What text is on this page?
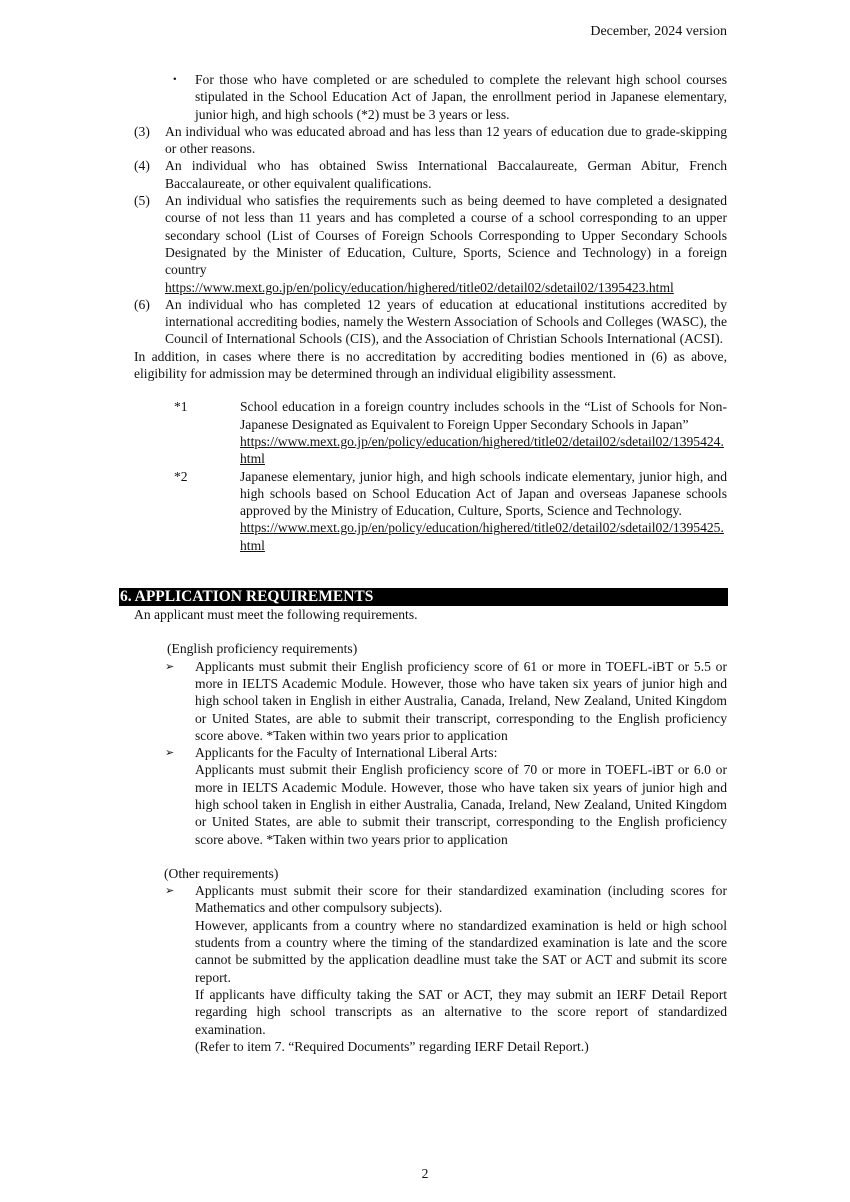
December, 2024 version
・ For those who have completed or are scheduled to complete the relevant high school courses stipulated in the School Education Act of Japan, the enrollment period in Japanese elementary, junior high, and high schools (*2) must be 3 years or less.
(3) An individual who was educated abroad and has less than 12 years of education due to grade-skipping or other reasons.
(4) An individual who has obtained Swiss International Baccalaureate, German Abitur, French Baccalaureate, or other equivalent qualifications.
(5) An individual who satisfies the requirements such as being deemed to have completed a designated course of not less than 11 years and has completed a course of a school corresponding to an upper secondary school (List of Courses of Foreign Schools Corresponding to Upper Secondary Schools Designated by the Minister of Education, Culture, Sports, Science and Technology) in a foreign country
https://www.mext.go.jp/en/policy/education/highered/title02/detail02/sdetail02/1395423.html
(6) An individual who has completed 12 years of education at educational institutions accredited by international accrediting bodies, namely the Western Association of Schools and Colleges (WASC), the Council of International Schools (CIS), and the Association of Christian Schools International (ACSI).
In addition, in cases where there is no accreditation by accrediting bodies mentioned in (6) as above, eligibility for admission may be determined through an individual eligibility assessment.
*1	School education in a foreign country includes schools in the “List of Schools for Non-Japanese Designated as Equivalent to Foreign Upper Secondary Schools in Japan”
https://www.mext.go.jp/en/policy/education/highered/title02/detail02/sdetail02/1395424.html
*2	Japanese elementary, junior high, and high schools indicate elementary, junior high, and high schools based on School Education Act of Japan and overseas Japanese schools approved by the Ministry of Education, Culture, Sports, Science and Technology.
https://www.mext.go.jp/en/policy/education/highered/title02/detail02/sdetail02/1395425.html
6. APPLICATION REQUIREMENTS
An applicant must meet the following requirements.
(English proficiency requirements)
➢ Applicants must submit their English proficiency score of 61 or more in TOEFL-iBT or 5.5 or more in IELTS Academic Module. However, those who have taken six years of junior high and high school taken in English in either Australia, Canada, Ireland, New Zealand, United Kingdom or United States, are able to submit their transcript, corresponding to the English proficiency score above. *Taken within two years prior to application
➢ Applicants for the Faculty of International Liberal Arts:
Applicants must submit their English proficiency score of 70 or more in TOEFL-iBT or 6.0 or more in IELTS Academic Module. However, those who have taken six years of junior high and high school taken in English in either Australia, Canada, Ireland, New Zealand, United Kingdom or United States, are able to submit their transcript, corresponding to the English proficiency score above. *Taken within two years prior to application
(Other requirements)
➢ Applicants must submit their score for their standardized examination (including scores for Mathematics and other compulsory subjects).
However, applicants from a country where no standardized examination is held or high school students from a country where the timing of the standardized examination is late and the score cannot be submitted by the application deadline must take the SAT or ACT and submit its score report.
If applicants have difficulty taking the SAT or ACT, they may submit an IERF Detail Report regarding high school transcripts as an alternative to the score report of standardized examination.
(Refer to item 7. “Required Documents” regarding IERF Detail Report.)
2
